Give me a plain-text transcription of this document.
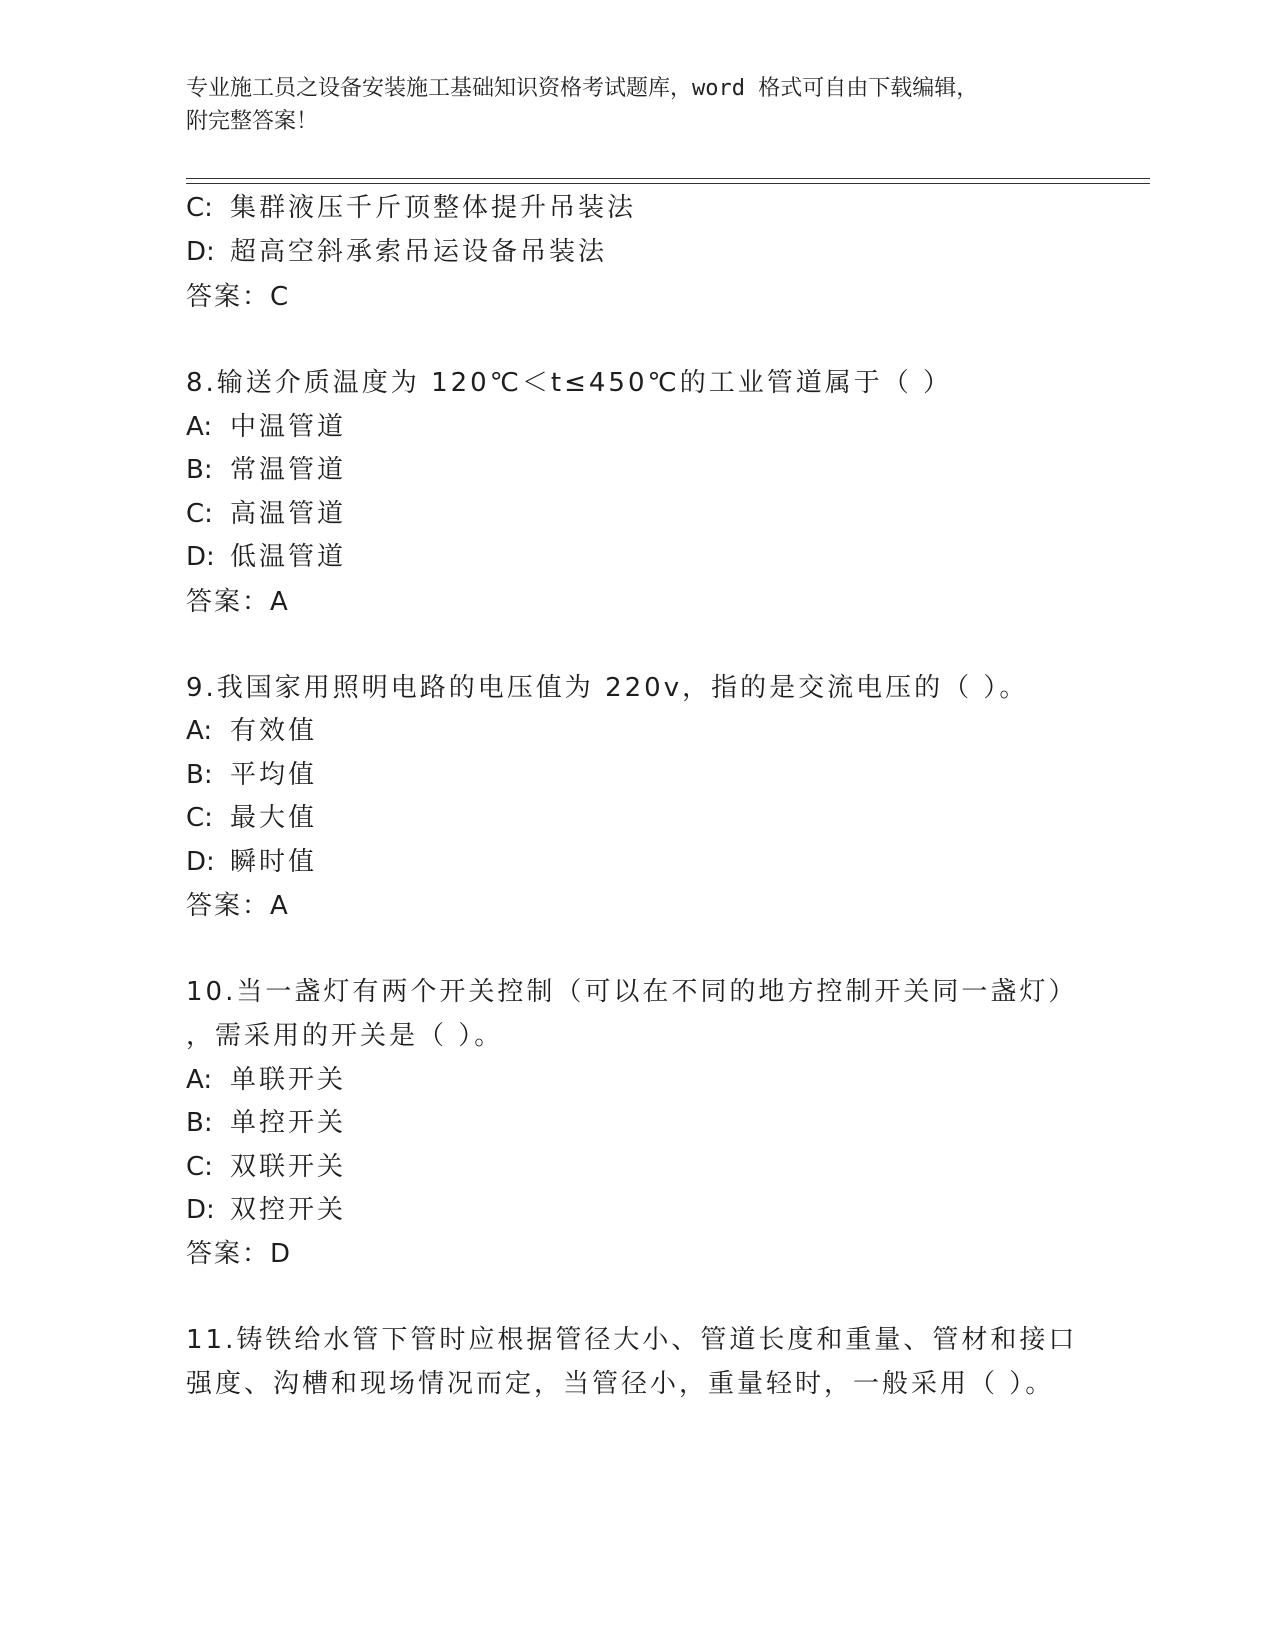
专业施工员之设备安装施工基础知识资格考试题库，word 格式可自由下载编辑，
附完整答案！
C: 集群液压千斤顶整体提升吊装法
D: 超高空斜承索吊运设备吊装法
答案：C
8.输送介质温度为 120℃＜t≤450℃的工业管道属于（ ）
A: 中温管道
B: 常温管道
C: 高温管道
D: 低温管道
答案：A
9.我国家用照明电路的电压值为 220v，指的是交流电压的（ ）。
A: 有效值
B: 平均值
C: 最大值
D: 瞬时值
答案：A
10.当一盏灯有两个开关控制（可以在不同的地方控制开关同一盏灯）
，需采用的开关是（ ）。
A: 单联开关
B: 单控开关
C: 双联开关
D: 双控开关
答案：D
11.铸铁给水管下管时应根据管径大小、管道长度和重量、管材和接口
强度、沟槽和现场情况而定，当管径小，重量轻时，一般采用（ ）。
